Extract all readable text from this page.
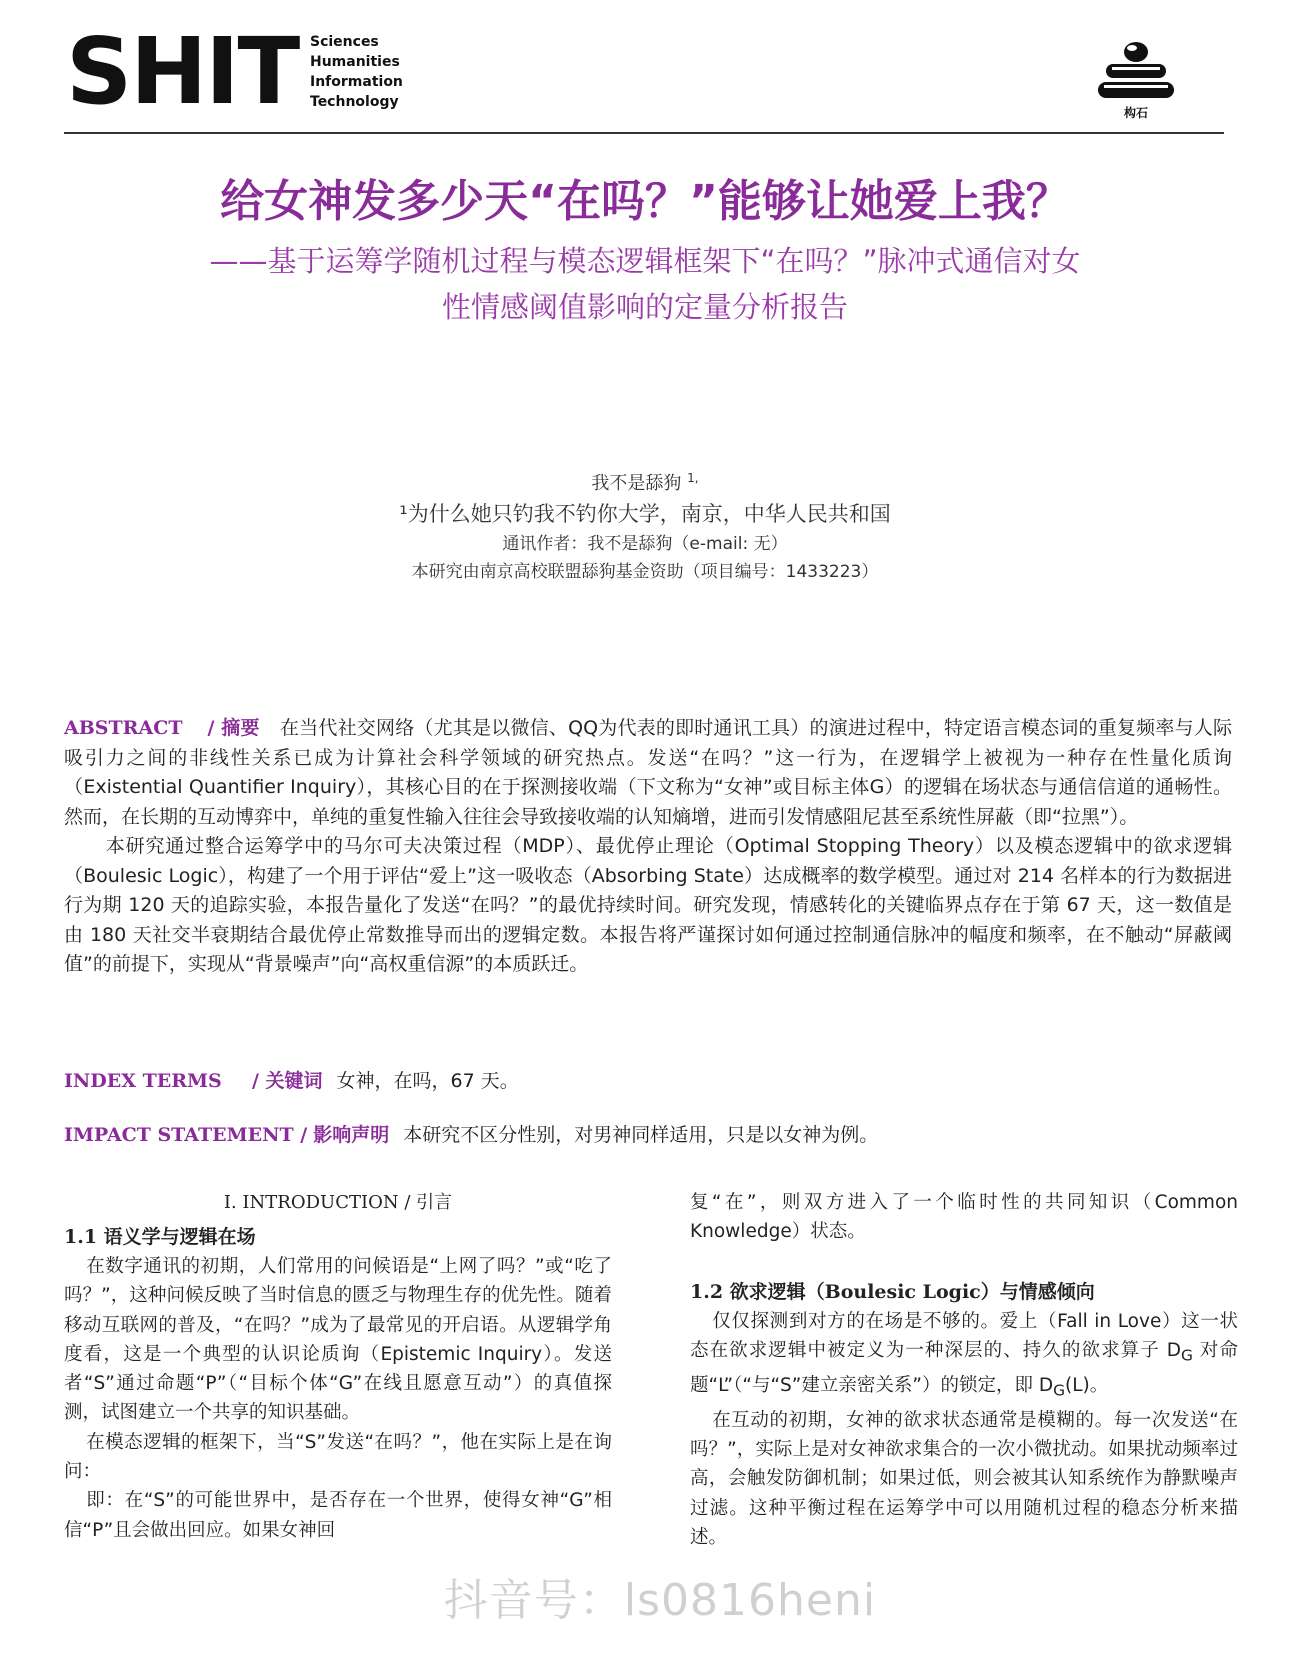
SHIT Sciences
Humanities
Information
Technology
构石
给女神发多少天“在吗？”能够让她爱上我？
——基于运筹学随机过程与模态逻辑框架下“在吗？”脉冲式通信对女
性情感阈值影响的定量分析报告
我不是舔狗 $^{1,}$
¹为什么她只钓我不钓你大学，南京，中华人民共和国
通讯作者：我不是舔狗（e-mail: 无）
本研究由南京高校联盟舔狗基金资助（项目编号：1433223）

ABSTRACT / 摘要 在当代社交网络（尤其是以微信、QQ为代表的即时通讯工具）的演进过程中，特定语言模态词的重复频率与人际吸引力之间的非线性关系已成为计算社会科学领域的研究热点。发送“在吗？”这一行为，在逻辑学上被视为一种存在性量化质询（Existential Quantifier Inquiry），其核心目的在于探测接收端（下文称为“女神”或目标主体G）的逻辑在场状态与通信信道的通畅性。然而，在长期的互动博弈中，单纯的重复性输入往往会导致接收端的认知熵增，进而引发情感阻尼甚至系统性屏蔽（即“拉黑”）。

本研究通过整合运筹学中的马尔可夫决策过程（MDP）、最优停止理论（Optimal Stopping Theory）以及模态逻辑中的欲求逻辑（Boulesic Logic），构建了一个用于评估“爱上”这一吸收态（Absorbing State）达成概率的数学模型。通过对 214 名样本的行为数据进行为期 120 天的追踪实验，本报告量化了发送“在吗？”的最优持续时间。研究发现，情感转化的关键临界点存在于第 67 天，这一数值是由 180 天社交半衰期结合最优停止常数推导而出的逻辑定数。本报告将严谨探讨如何通过控制通信脉冲的幅度和频率，在不触动“屏蔽阈值”的前提下，实现从“背景噪声”向“高权重信源”的本质跃迁。

INDEX TERMS / 关键词 女神，在吗，67 天。
IMPACT STATEMENT / 影响声明 本研究不区分性别，对男神同样适用，只是以女神为例。
I. INTRODUCTION / 引言

1.1 语义学与逻辑在场

在数字通讯的初期，人们常用的问候语是“上网了吗？”或“吃了吗？”，这种问候反映了当时信息的匮乏与物理生存的优先性。随着移动互联网的普及，“在吗？”成为了最常见的开启语。从逻辑学角度看，这是一个典型的认识论质询（Epistemic Inquiry）。发送者“S”通过命题“P”（“目标个体“G”在线且愿意互动”）的真值探测，试图建立一个共享的知识基础。

在模态逻辑的框架下，当“S”发送“在吗？”，他在实际上是在询问：

即：在“S”的可能世界中，是否存在一个世界，使得女神“G”相信“P”且会做出回应。如果女神回

复“在”，则双方进入了一个临时性的共同知识（Common Knowledge）状态。

1.2 欲求逻辑（Boulesic Logic）与情感倾向

仅仅探测到对方的在场是不够的。爱上（Fall in Love）这一状态在欲求逻辑中被定义为一种深层的、持久的欲求算子 $D_G$ 对命题“L”（“与“S”建立亲密关系”）的锁定，即 $D_G(L)$。

在互动的初期，女神的欲求状态通常是模糊的。每一次发送“在吗？”，实际上是对女神欲求集合的一次小微扰动。如果扰动频率过高，会触发防御机制；如果过低，则会被其认知系统作为静默噪声过滤。这种平衡过程在运筹学中可以用随机过程的稳态分析来描述。

抖音号：ls0816heni
